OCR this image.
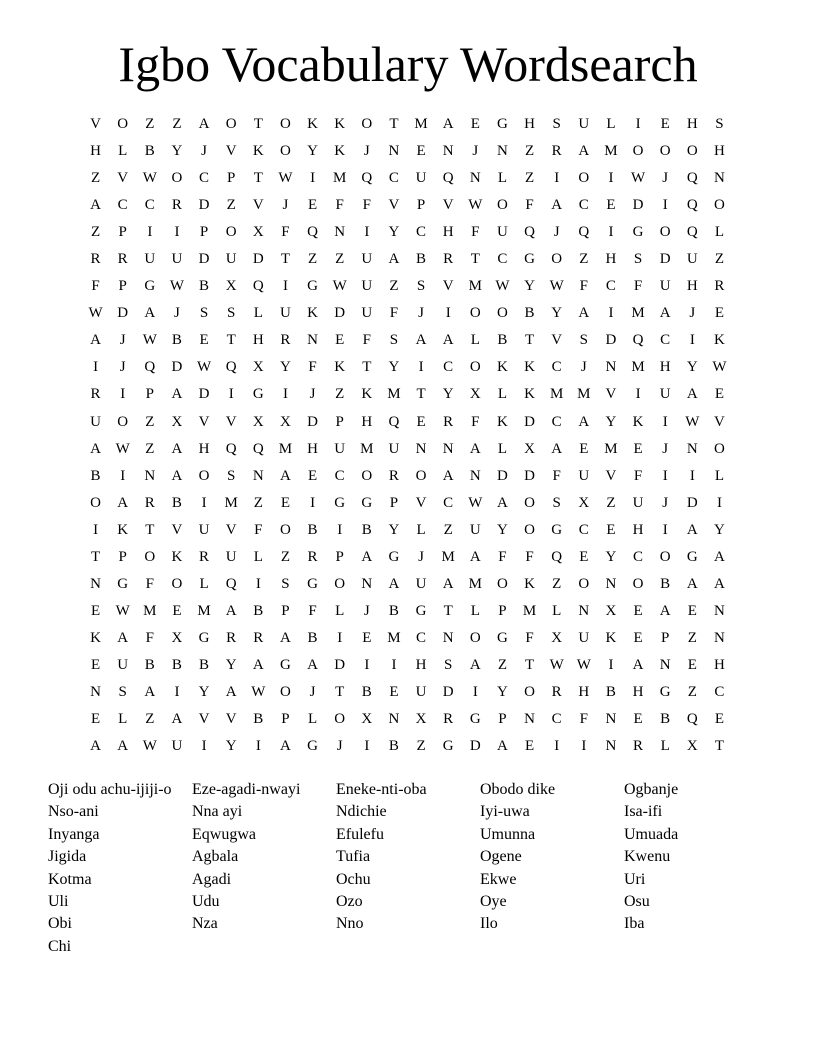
Igbo Vocabulary Wordsearch
V	O	Z	Z	A	O	T	O	K	K	O	T	M	A	E	G	H	S	U	L	I	E	H	S
H	L	B	Y	J	V	K	O	Y	K	J	N	E	N	J	N	Z	R	A	M	O	O	O	H
Z	V W O	C	P	T	W	I	M	Q	C	U	Q	N	L	Z	I	O	I	W	J	Q	N
A	C	C	R	D	Z	V	J	E	F	F	V	P	V W O	F	A	C	E	D	I	Q	O
Z	P	I	I	P	O	X	F	Q	N	I	Y	C	H	F	U	Q	J	Q	I	G	O	Q	L
R	R	U	U	D	U	D	T	Z	Z	U	A	B	R	T	C	G	O	Z	H	S	D	U	Z
F	P	G W	B	X	Q	I	G W U	Z	S	V	M W Y W	F	C	F	U	H	R
W D	A	J	S	S	L	U	K	D	U	F	J	I	O	O	B	Y	A	I	M	A	J	E
A	J	W	B	E	T	H	R	N	E	F	S	A	A	L	B	T	V	S	D	Q	C	I	K
I	J	Q	D W Q	X	Y	F	K	T	Y	I	C	O	K	K	C	J	N	M	H	Y W
R	I	P	A	D	I	G	I	J	Z	K	M	T	Y	X	L	K	M M	V	I	U	A	E
U	O	Z	X	V	V	X	X	D	P	H	Q	E	R	F	K	D	C	A	Y	K	I	W V
A W	Z	A	H	Q	Q	M	H	U	M	U	N	N	A	L	X	A	E	M	E	J	N	O
B	I	N	A	O	S	N	A	E	C	O	R	O	A	N	D	D	F	U	V	F	I	I	L
O	A	R	B	I	M	Z	E	I	G	G	P	V	C	W A	O	S	X	Z	U	J	D	I
I	K	T	V	U	V	F	O	B	I	B	Y	L	Z	U	Y	O	G	C	E	H	I	A	Y
T	P	O	K	R	U	L	Z	R	P	A	G	J	M	A	F	F	Q	E	Y	C	O	G	A
N	G	F	O	L	Q	I	S	G	O	N	A	U	A	M	O	K	Z	O	N	O	B	A	A
E	W M	E	M	A	B	P	F	L	J	B	G	T	L	P	M	L	N	X	E	A	E	N
K	A	F	X	G	R	R	A	B	I	E	M	C	N	O	G	F	X	U	K	E	P	Z	N
E	U	B	B	B	Y	A	G	A	D	I	I	H	S	A	Z	T	W W	I	A	N	E	H
N	S	A	I	Y	A W O	J	T	B	E	U	D	I	Y	O	R	H	B	H	G	Z	C
E	L	Z	A	V	V	B	P	L	O	X	N	X	R	G	P	N	C	F	N	E	B	Q	E
A	A W U	I	Y	I	A	G	J	I	B	Z	G	D	A	E	I	I	N	R	L	X	T
Oji odu achu-ijiji-o
Nso-ani
Inyanga
Jigida
Kotma
Uli
Obi
Chi
Eze-agadi-nwayi
Nna ayi
Eqwugwa
Agbala
Agadi
Udu
Nza
Eneke-nti-oba
Ndichie
Efulefu
Tufia
Ochu
Ozo
Nno
Obodo dike
Iyi-uwa
Umunna
Ogene
Ekwe
Oye
Ilo
Ogbanje
Isa-ifi
Umuada
Kwenu
Uri
Osu
Iba
